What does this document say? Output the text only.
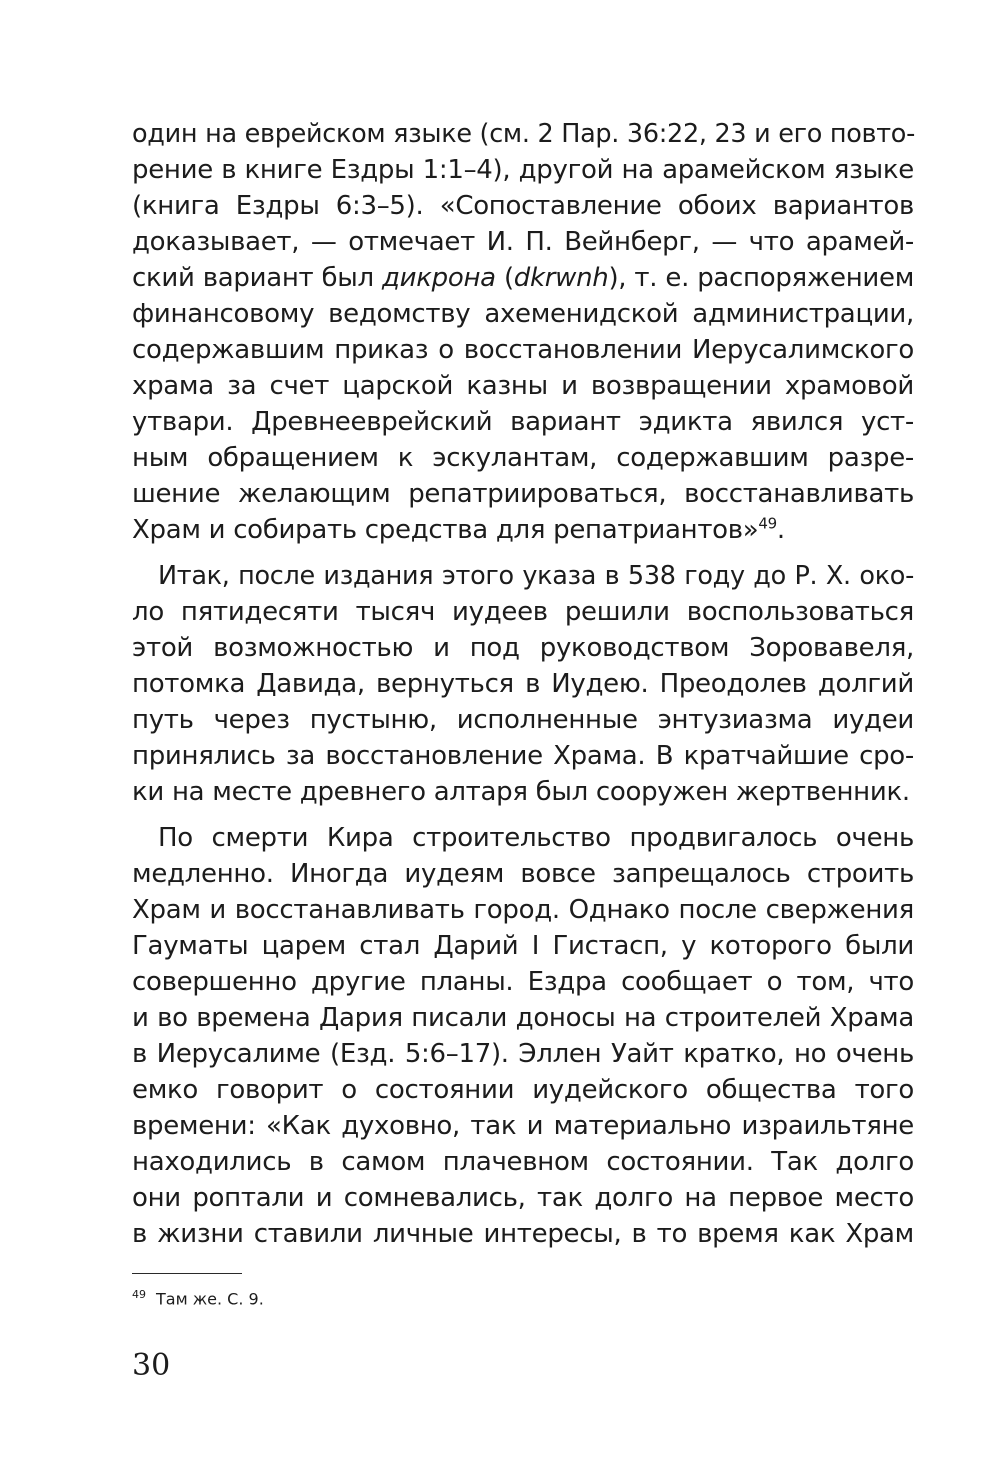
один на еврейском языке (см. 2 Пар. 36:22, 23 и его повто-
рение в книге Ездры 1:1–4), другой на арамейском языке
(книга Ездры 6:3–5). «Сопоставление обоих вариантов
доказывает, — отмечает И. П. Вейнберг, — что арамей-
ский вариант был дикрона (dkrwnh), т. е. распоряжением
финансовому ведомству ахеменидской администрации,
содержавшим приказ о восстановлении Иерусалимского
храма за счет царской казны и возвращении храмовой
утвари. Древнееврейский вариант эдикта явился уст-
ным обращением к эскулантам, содержавшим разре-
шение желающим репатриироваться, восстанавливать
Храм и собирать средства для репатриантов»$^{49}$.
Итак, после издания этого указа в 538 году до Р. Х. око-
ло пятидесяти тысяч иудеев решили воспользоваться
этой возможностью и под руководством Зоровавеля,
потомка Давида, вернуться в Иудею. Преодолев долгий
путь через пустыню, исполненные энтузиазма иудеи
принялись за восстановление Храма. В кратчайшие сро-
ки на месте древнего алтаря был сооружен жертвенник.
По смерти Кира строительство продвигалось очень
медленно. Иногда иудеям вовсе запрещалось строить
Храм и восстанавливать город. Однако после свержения
Гауматы царем стал Дарий I Гистасп, у которого были
совершенно другие планы. Ездра сообщает о том, что
и во времена Дария писали доносы на строителей Храма
в Иерусалиме (Езд. 5:6–17). Эллен Уайт кратко, но очень
емко говорит о состоянии иудейского общества того
времени: «Как духовно, так и материально израильтяне
находились в самом плачевном состоянии. Так долго
они роптали и сомневались, так долго на первое место
в жизни ставили личные интересы, в то время как Храм
$^{49}$ Там же. С. 9.
30
